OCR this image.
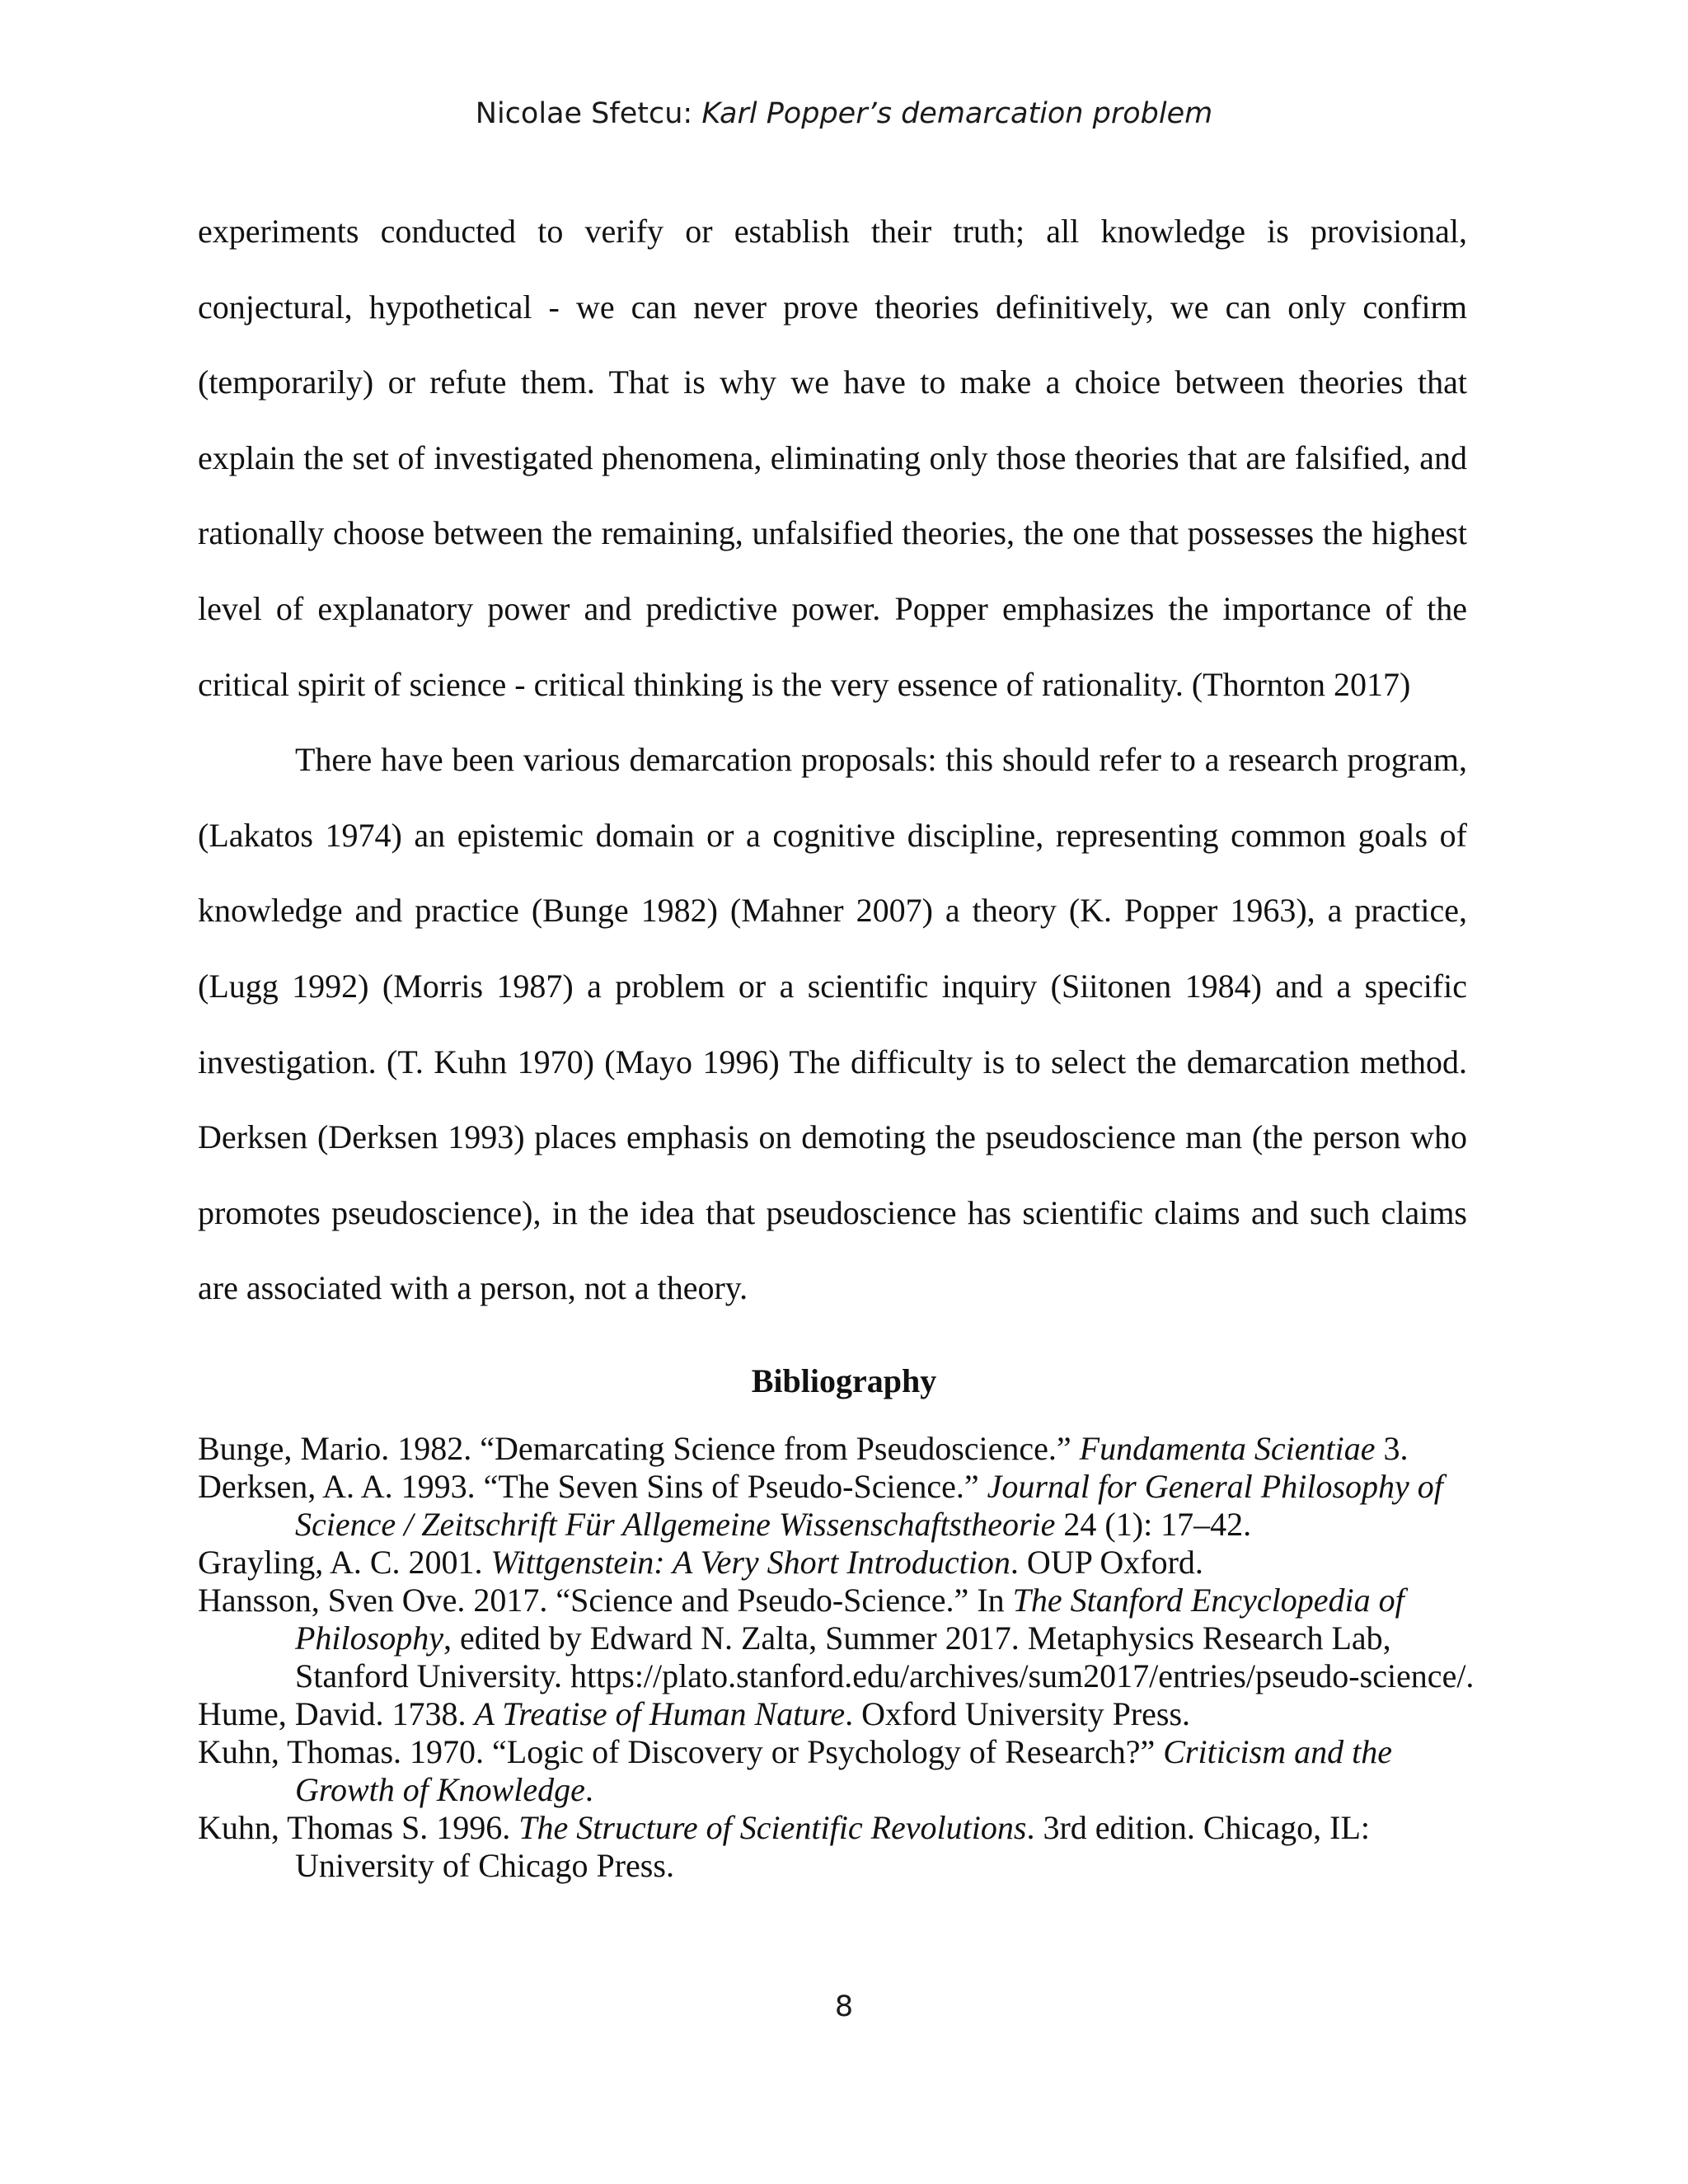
Nicolae Sfetcu: Karl Popper’s demarcation problem

experiments conducted to verify or establish their truth; all knowledge is provisional, conjectural, hypothetical - we can never prove theories definitively, we can only confirm (temporarily) or refute them. That is why we have to make a choice between theories that explain the set of investigated phenomena, eliminating only those theories that are falsified, and rationally choose between the remaining, unfalsified theories, the one that possesses the highest level of explanatory power and predictive power. Popper emphasizes the importance of the critical spirit of science - critical thinking is the very essence of rationality. (Thornton 2017)

There have been various demarcation proposals: this should refer to a research program, (Lakatos 1974) an epistemic domain or a cognitive discipline, representing common goals of knowledge and practice (Bunge 1982) (Mahner 2007) a theory (K. Popper 1963), a practice, (Lugg 1992) (Morris 1987) a problem or a scientific inquiry (Siitonen 1984) and a specific investigation. (T. Kuhn 1970) (Mayo 1996) The difficulty is to select the demarcation method. Derksen (Derksen 1993) places emphasis on demoting the pseudoscience man (the person who promotes pseudoscience), in the idea that pseudoscience has scientific claims and such claims are associated with a person, not a theory.

Bibliography

Bunge, Mario. 1982. “Demarcating Science from Pseudoscience.” Fundamenta Scientiae 3.

Derksen, A. A. 1993. “The Seven Sins of Pseudo-Science.” Journal for General Philosophy of Science / Zeitschrift Für Allgemeine Wissenschaftstheorie 24 (1): 17–42.

Grayling, A. C. 2001. Wittgenstein: A Very Short Introduction. OUP Oxford.

Hansson, Sven Ove. 2017. “Science and Pseudo-Science.” In The Stanford Encyclopedia of Philosophy, edited by Edward N. Zalta, Summer 2017. Metaphysics Research Lab, Stanford University. https://plato.stanford.edu/archives/sum2017/entries/pseudo-science/.

Hume, David. 1738. A Treatise of Human Nature. Oxford University Press.

Kuhn, Thomas. 1970. “Logic of Discovery or Psychology of Research?” Criticism and the Growth of Knowledge.

Kuhn, Thomas S. 1996. The Structure of Scientific Revolutions. 3rd edition. Chicago, IL: University of Chicago Press.

8
